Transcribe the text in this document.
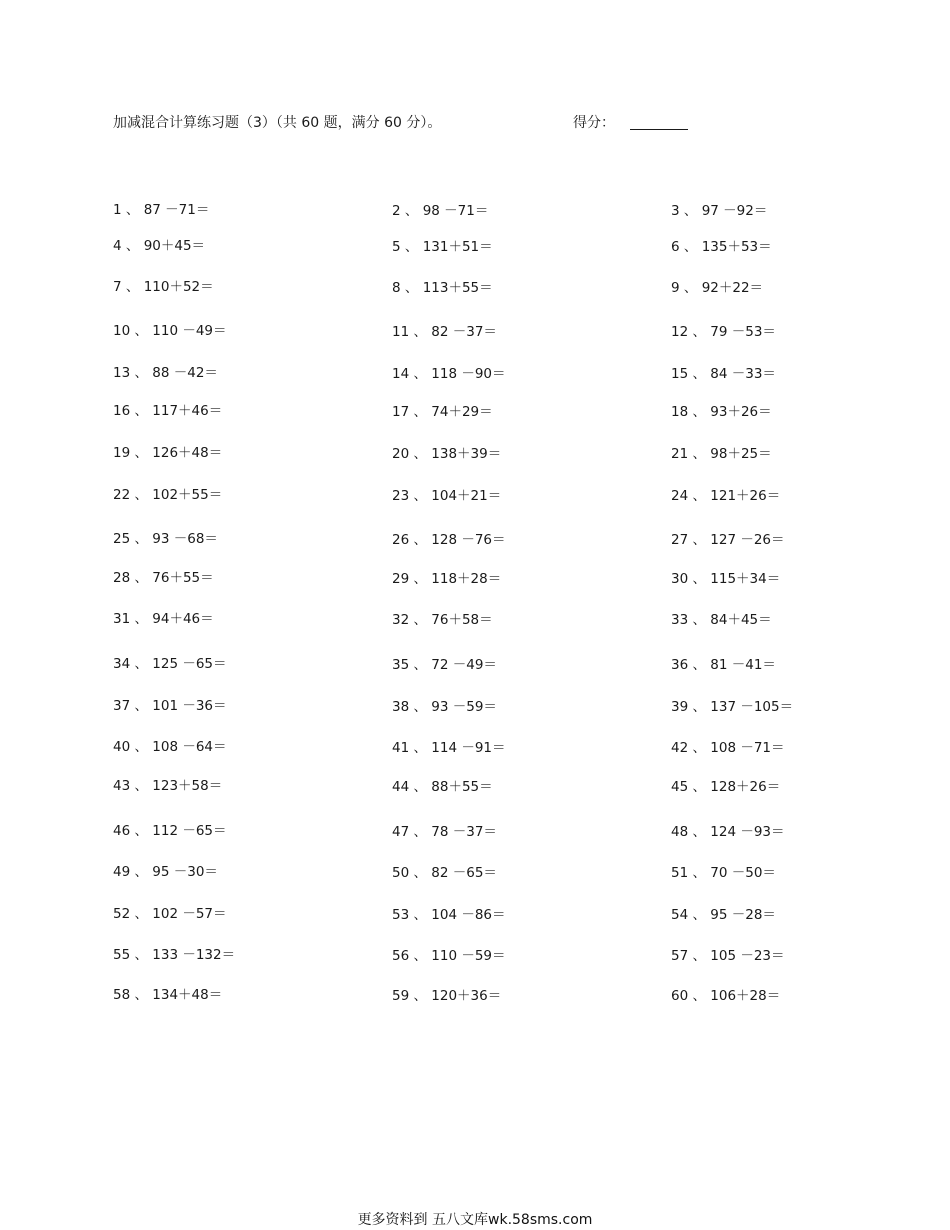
加减混合计算练习题（3）（共 60 题，满分 60 分）。	得分：
1 、 87 －71＝	2 、 98 －71＝	3 、 97 －92＝
4 、 90＋45＝	5 、 131＋51＝	6 、 135＋53＝
7 、 110＋52＝	8 、 113＋55＝	9 、 92＋22＝
10 、 110 －49＝	11 、 82 －37＝	12 、 79 －53＝
13 、 88 －42＝	14 、 118 －90＝	15 、 84 －33＝
16 、 117＋46＝	17 、 74＋29＝	18 、 93＋26＝
19 、 126＋48＝	20 、 138＋39＝	21 、 98＋25＝
22 、 102＋55＝	23 、 104＋21＝	24 、 121＋26＝
25 、 93 －68＝	26 、 128 －76＝	27 、 127 －26＝
28 、 76＋55＝	29 、 118＋28＝	30 、 115＋34＝
31 、 94＋46＝	32 、 76＋58＝	33 、 84＋45＝
34 、 125 －65＝	35 、 72 －49＝	36 、 81 －41＝
37 、 101 －36＝	38 、 93 －59＝	39 、 137 －105＝
40 、 108 －64＝	41 、 114 －91＝	42 、 108 －71＝
43 、 123＋58＝	44 、 88＋55＝	45 、 128＋26＝
46 、 112 －65＝	47 、 78 －37＝	48 、 124 －93＝
49 、 95 －30＝	50 、 82 －65＝	51 、 70 －50＝
52 、 102 －57＝	53 、 104 －86＝	54 、 95 －28＝
55 、 133 －132＝	56 、 110 －59＝	57 、 105 －23＝
58 、 134＋48＝	59 、 120＋36＝	60 、 106＋28＝
更多资料到 五八文库wk.58sms.com
